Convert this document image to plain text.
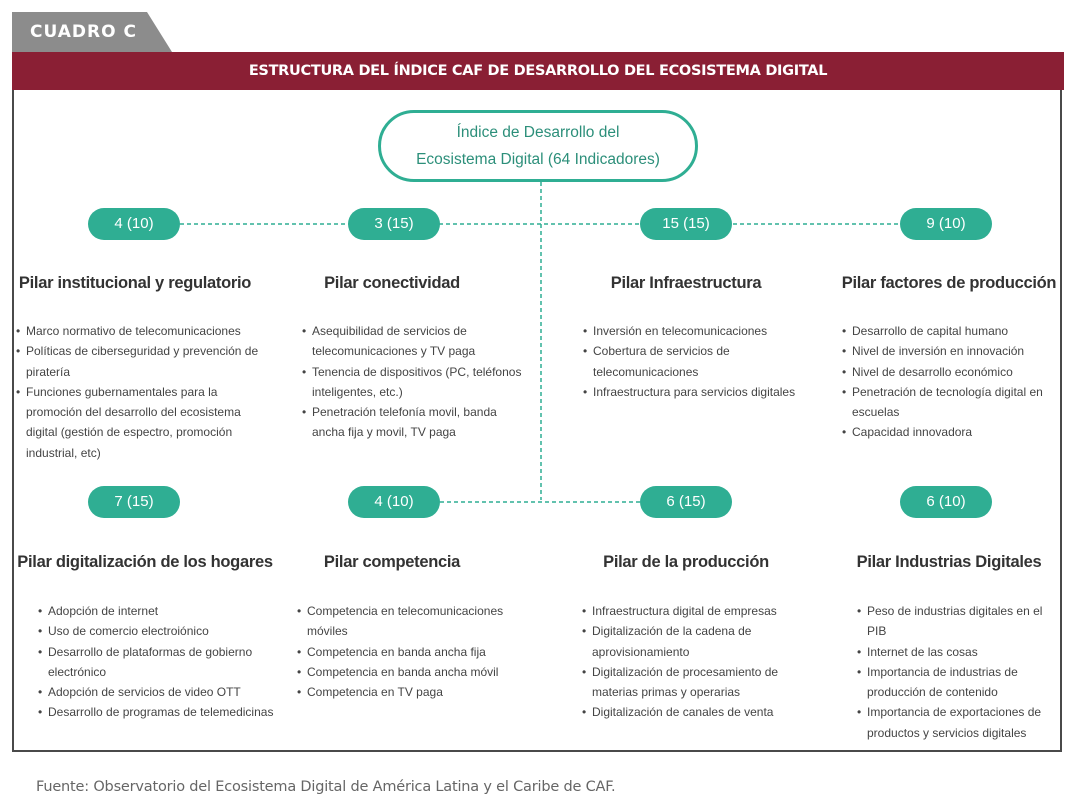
CUADRO C
ESTRUCTURA DEL ÍNDICE CAF DE DESARROLLO DEL ECOSISTEMA DIGITAL
Índice de Desarrollo del
Ecosistema Digital (64 Indicadores)
4 (10)	3 (15)	15 (15)	9 (10)
Pilar institucional y regulatorio	Pilar conectividad	Pilar Infraestructura	Pilar factores de producción
• Marco normativo de telecomunicaciones
• Políticas de ciberseguridad y prevención de piratería
• Funciones gubernamentales para la promoción del desarrollo del ecosistema digital (gestión de espectro, promoción industrial, etc)
• Asequibilidad de servicios de telecomunicaciones y TV paga
• Tenencia de dispositivos (PC, teléfonos inteligentes, etc.)
• Penetración telefonía movil, banda ancha fija y movil, TV paga
• Inversión en telecomunicaciones
• Cobertura de servicios de telecomunicaciones
• Infraestructura para servicios digitales
• Desarrollo de capital humano
• Nivel de inversión en innovación
• Nivel de desarrollo económico
• Penetración de tecnología digital en escuelas
• Capacidad innovadora
7 (15)	4 (10)	6 (15)	6 (10)
Pilar digitalización de los hogares	Pilar competencia	Pilar de la producción	Pilar Industrias Digitales
• Adopción de internet
• Uso de comercio electroiónico
• Desarrollo de plataformas de gobierno electrónico
• Adopción de servicios de video OTT
• Desarrollo de programas de telemedicinas
• Competencia en telecomunicaciones móviles
• Competencia en banda ancha fija
• Competencia en banda ancha móvil
• Competencia en TV paga
• Infraestructura digital de empresas
• Digitalización de la cadena de aprovisionamiento
• Digitalización de procesamiento de materias primas y operarias
• Digitalización de canales de venta
• Peso de industrias digitales en el PIB
• Internet de las cosas
• Importancia de industrias de producción de contenido
• Importancia de exportaciones de productos y servicios digitales
Fuente: Observatorio del Ecosistema Digital de América Latina y el Caribe de CAF.
